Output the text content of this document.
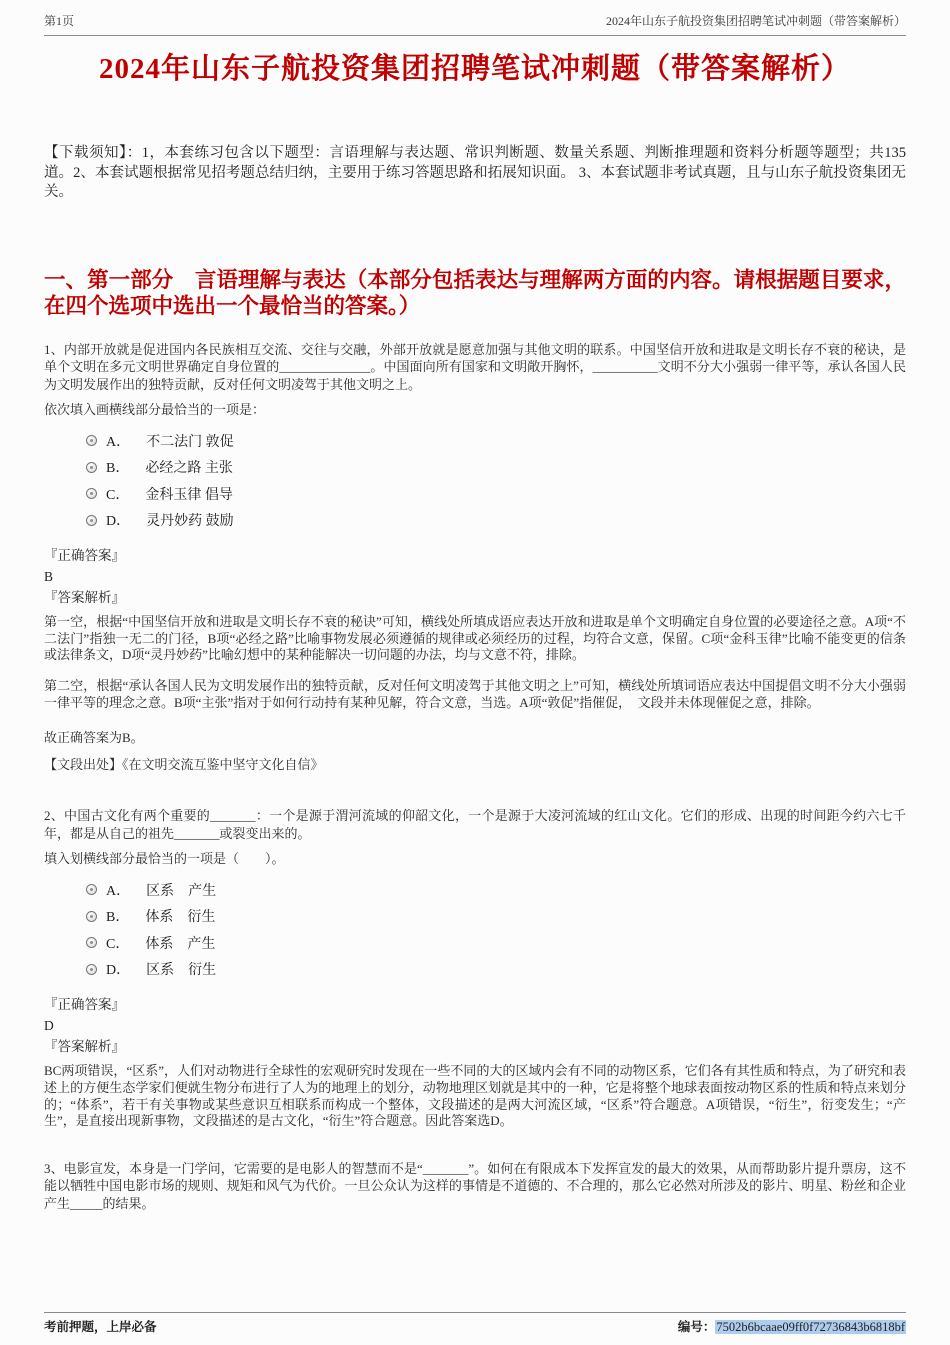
第1页	2024年山东子航投资集团招聘笔试冲刺题（带答案解析）
2024年山东子航投资集团招聘笔试冲刺题（带答案解析）

【下载须知】：1，本套练习包含以下题型：言语理解与表达题、常识判断题、数量关系题、判断推理题和资料分析题等题型；共135道。2、本套试题根据常见招考题总结归纳，主要用于练习答题思路和拓展知识面。 3、本套试题非考试真题，且与山东子航投资集团无关。

一、第一部分　言语理解与表达（本部分包括表达与理解两方面的内容。请根据题目要求，在四个选项中选出一个最恰当的答案。）

1、内部开放就是促进国内各民族相互交流、交往与交融，外部开放就是愿意加强与其他文明的联系。中国坚信开放和进取是文明长存不衰的秘诀，是单个文明在多元文明世界确定自身位置的______________。中国面向所有国家和文明敞开胸怀，__________文明不分大小强弱一律平等，承认各国人民为文明发展作出的独特贡献，反对任何文明凌驾于其他文明之上。

依次填入画横线部分最恰当的一项是：

A． 不二法门 敦促
B． 必经之路 主张
C． 金科玉律 倡导
D． 灵丹妙药 鼓励

『正确答案』

B

『答案解析』

第一空，根据“中国坚信开放和进取是文明长存不衰的秘诀”可知，横线处所填成语应表达开放和进取是单个文明确定自身位置的必要途径之意。A项“不二法门”指独一无二的门径，B项“必经之路”比喻事物发展必须遵循的规律或必须经历的过程，均符合文意，保留。C项“金科玉律”比喻不能变更的信条或法律条文，D项“灵丹妙药”比喻幻想中的某种能解决一切问题的办法，均与文意不符，排除。

第二空，根据“承认各国人民为文明发展作出的独特贡献，反对任何文明凌驾于其他文明之上”可知，横线处所填词语应表达中国提倡文明不分大小强弱一律平等的理念之意。B项“主张”指对于如何行动持有某种见解，符合文意，当选。A项“敦促”指催促，　文段并未体现催促之意，排除。

故正确答案为B。

【文段出处】《在文明交流互鉴中坚守文化自信》

2、中国古文化有两个重要的_______：一个是源于渭河流域的仰韶文化，一个是源于大凌河流域的红山文化。它们的形成、出现的时间距今约六七千年，都是从自己的祖先_______或裂变出来的。

填入划横线部分最恰当的一项是（　　）。

A． 区系　产生
B． 体系　衍生
C． 体系　产生
D． 区系　衍生

『正确答案』

D

『答案解析』

BC两项错误，“区系”，人们对动物进行全球性的宏观研究时发现在一些不同的大的区域内会有不同的动物区系，它们各有其性质和特点，为了研究和表述上的方便生态学家们便就生物分布进行了人为的地理上的划分，动物地理区划就是其中的一种，它是将整个地球表面按动物区系的性质和特点来划分的；“体系”，若干有关事物或某些意识互相联系而构成一个整体，文段描述的是两大河流区域，“区系”符合题意。A项错误，“衍生”，衍变发生；“产生”，是直接出现新事物，文段描述的是古文化，“衍生”符合题意。因此答案选D。

3、电影宣发，本身是一门学问，它需要的是电影人的智慧而不是“_______”。如何在有限成本下发挥宣发的最大的效果，从而帮助影片提升票房，这不能以牺牲中国电影市场的规则、规矩和风气为代价。一旦公众认为这样的事情是不道德的、不合理的，那么它必然对所涉及的影片、明星、粉丝和企业产生_____的结果。

考前押题，上岸必备	编号：7502b6bcaae09ff0f72736843b6818bf
